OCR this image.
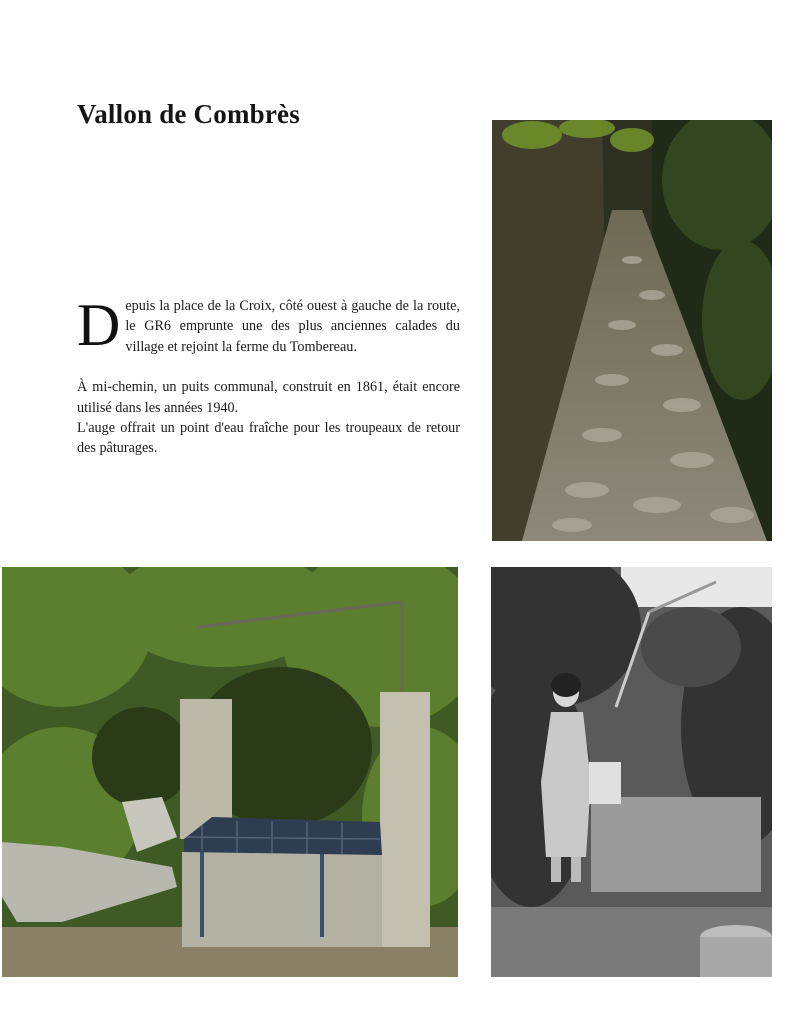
Vallon de Combrès

Depuis la place de la Croix, côté ouest à gauche de la route, le GR6 emprunte une des plus anciennes calades du village et rejoint la ferme du Tombereau.

À mi-chemin, un puits communal, construit en 1861, était encore utilisé dans les années 1940.
L'auge offrait un point d'eau fraîche pour les troupeaux de retour des pâturages.
